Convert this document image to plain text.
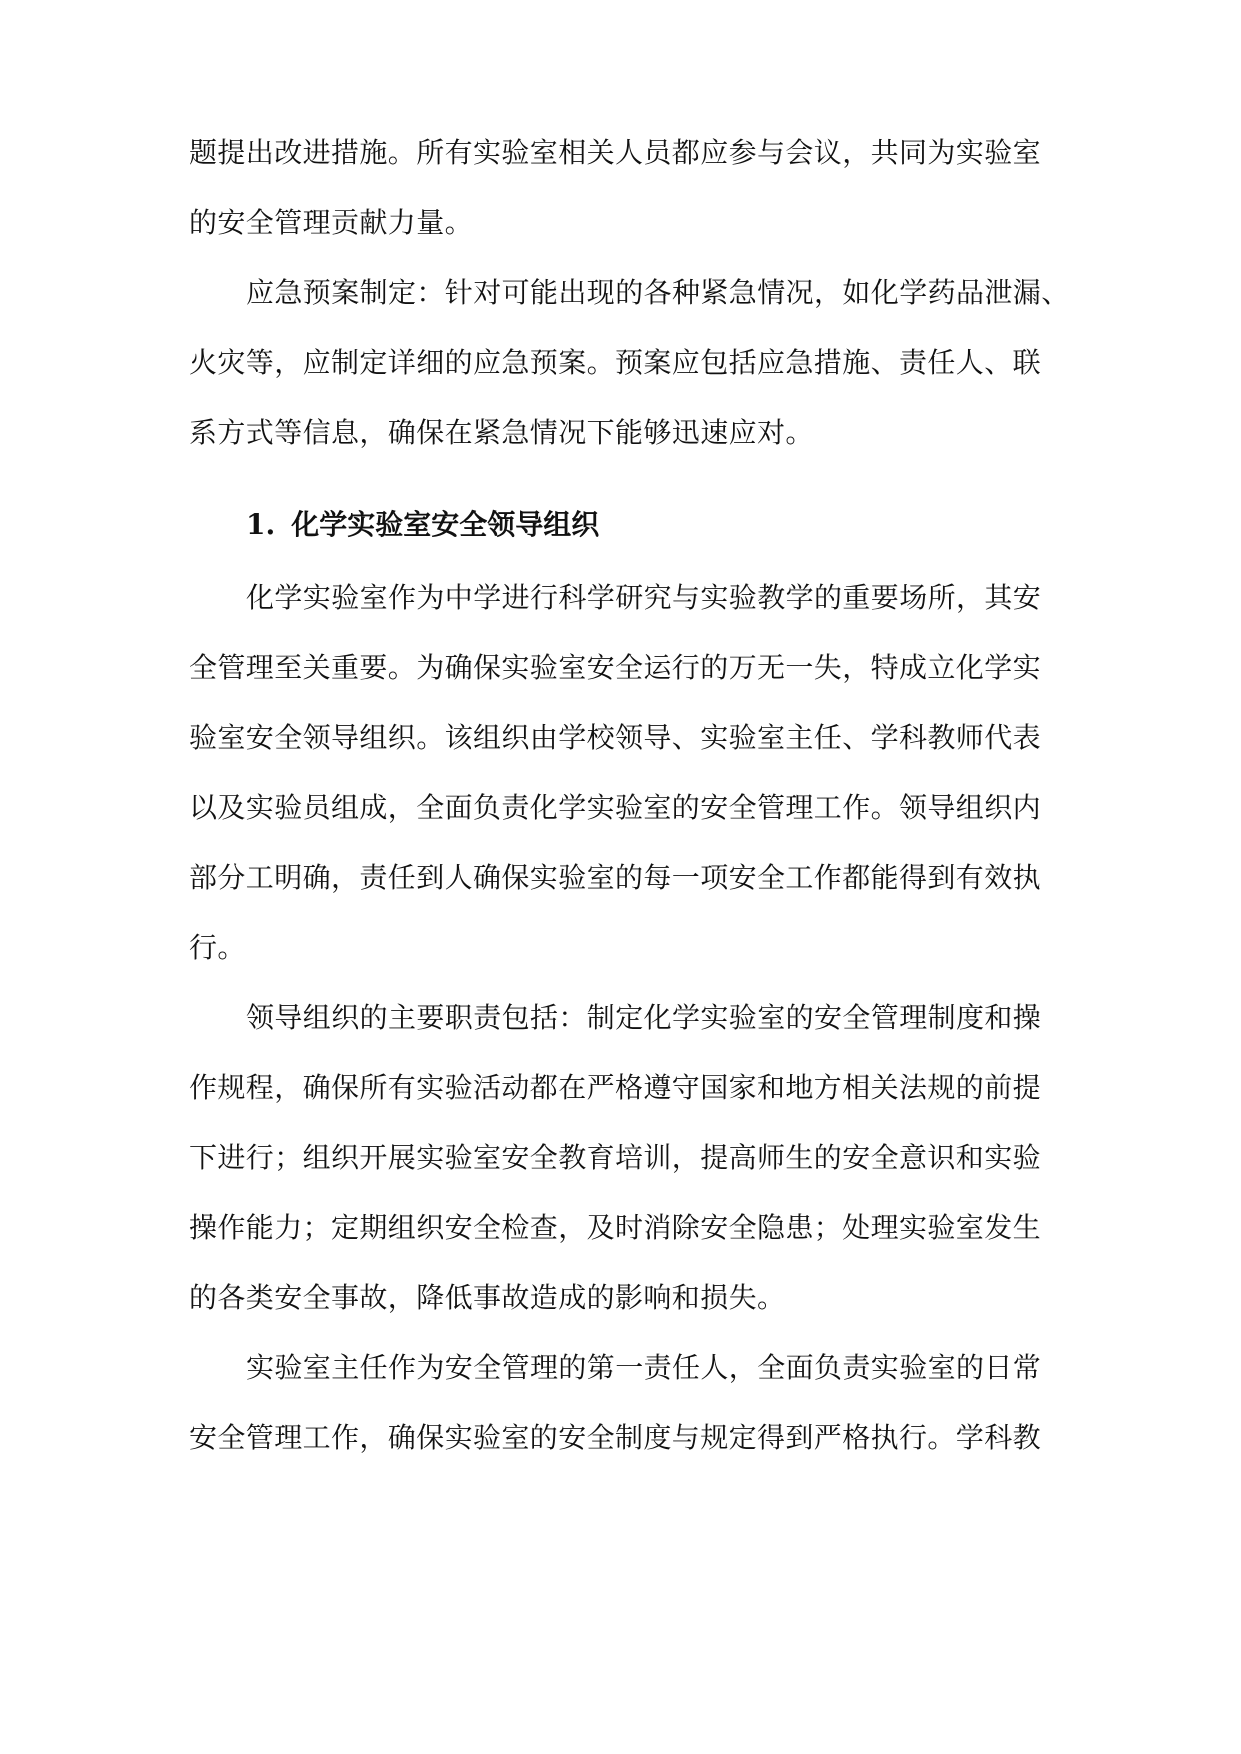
题提出改进措施。所有实验室相关人员都应参与会议，共同为实验室

的安全管理贡献力量。

应急预案制定：针对可能出现的各种紧急情况，如化学药品泄漏、

火灾等，应制定详细的应急预案。预案应包括应急措施、责任人、联

系方式等信息，确保在紧急情况下能够迅速应对。

1. 化学实验室安全领导组织

化学实验室作为中学进行科学研究与实验教学的重要场所，其安

全管理至关重要。为确保实验室安全运行的万无一失，特成立化学实

验室安全领导组织。该组织由学校领导、实验室主任、学科教师代表

以及实验员组成，全面负责化学实验室的安全管理工作。领导组织内

部分工明确，责任到人确保实验室的每一项安全工作都能得到有效执

行。

领导组织的主要职责包括：制定化学实验室的安全管理制度和操

作规程，确保所有实验活动都在严格遵守国家和地方相关法规的前提

下进行；组织开展实验室安全教育培训，提高师生的安全意识和实验

操作能力；定期组织安全检查，及时消除安全隐患；处理实验室发生

的各类安全事故，降低事故造成的影响和损失。

实验室主任作为安全管理的第一责任人，全面负责实验室的日常

安全管理工作，确保实验室的安全制度与规定得到严格执行。学科教
